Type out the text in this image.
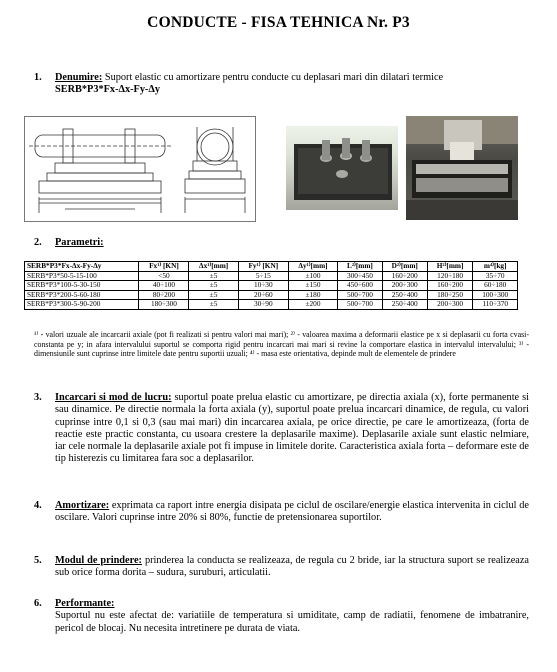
CONDUCTE - FISA TEHNICA Nr. P3
1. Denumire: Suport elastic cu amortizare pentru conducte cu deplasari mari din dilatari termice
SERB*P3*Fx-Δx-Fy-Δy
2. Parametri:
SERB*P3*Fx-Δx-Fy-Δy	Fx¹⁾ [KN]	Δx¹⁾[mm]	Fy¹⁾ [KN]	Δy¹⁾[mm]	L²⁾[mm]	D²⁾[mm]	H²⁾[mm]	m⁴⁾[kg]
SERB*P3*50-5-15-100	<50	±5	5÷15	±100	300÷450	160÷200	120÷180	35÷70
SERB*P3*100-5-30-150	40÷100	±5	10÷30	±150	450÷600	200÷300	160÷200	60÷180
SERB*P3*200-5-60-180	80÷200	±5	20÷60	±180	500÷700	250÷400	180÷250	100÷300
SERB*P3*300-5-90-200	180÷300	±5	30÷90	±200	500÷700	250÷400	200÷300	110÷370
¹⁾ - valori uzuale ale incarcarii axiale (pot fi realizati si pentru valori mai mari); ²⁾ - valoarea maxima a deformarii elastice pe x si deplasarii cu forta cvasi-constanta pe y; in afara intervalului suportul se comporta rigid pentru incarcari mai mari si revine la comportare elastica in intervalul intervalului; ³⁾ - dimensiunile sunt cuprinse intre limitele date pentru suportii uzuali; ⁴⁾ - masa este orientativa, depinde mult de elementele de prindere
3. Incarcari si mod de lucru: suportul poate prelua elastic cu amortizare, pe directia axiala (x), forte permanente si sau dinamice. Pe directie normala la forta axiala (y), suportul poate prelua incarcari dinamice, de regula, cu valori cuprinse intre 0,1 si 0,3 (sau mai mari) din incarcarea axiala, pe orice directie, pe care le amortizeaza, (forta de reactie este practic constanta, cu usoara crestere la deplasarile maxime). Deplasarile axiale sunt elastic nelmiare, iar cele normale la deplasarile axiale pot fi impuse in limitele dorite. Caracteristica axiala forta – deformare este de tip histerezis cu limitarea fara soc a deplasarilor.
4. Amortizare: exprimata ca raport intre energia disipata pe ciclul de oscilare/energie elastica intervenita in ciclul de oscilare. Valori cuprinse intre 20% si 80%, functie de pretensionarea suportilor.
5. Modul de prindere: prinderea la conducta se realizeaza, de regula cu 2 bride, iar la structura suport se realizeaza sub orice forma dorita – sudura, suruburi, articulatii.
6. Performante:
Suportul nu este afectat de: variatiile de temperatura si umiditate, camp de radiatii, fenomene de imbatranire, pericol de blocaj. Nu necesita intretinere pe durata de viata.
